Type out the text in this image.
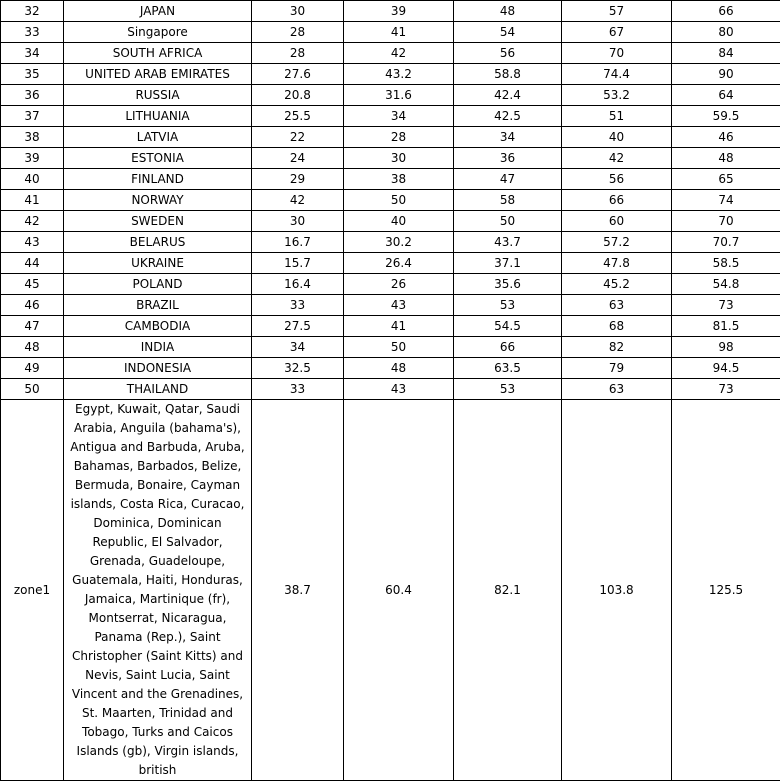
32	JAPAN	30	39	48	57	66
33	Singapore	28	41	54	67	80
34	SOUTH AFRICA	28	42	56	70	84
35	UNITED ARAB EMIRATES	27.6	43.2	58.8	74.4	90
36	RUSSIA	20.8	31.6	42.4	53.2	64
37	LITHUANIA	25.5	34	42.5	51	59.5
38	LATVIA	22	28	34	40	46
39	ESTONIA	24	30	36	42	48
40	FINLAND	29	38	47	56	65
41	NORWAY	42	50	58	66	74
42	SWEDEN	30	40	50	60	70
43	BELARUS	16.7	30.2	43.7	57.2	70.7
44	UKRAINE	15.7	26.4	37.1	47.8	58.5
45	POLAND	16.4	26	35.6	45.2	54.8
46	BRAZIL	33	43	53	63	73
47	CAMBODIA	27.5	41	54.5	68	81.5
48	INDIA	34	50	66	82	98
49	INDONESIA	32.5	48	63.5	79	94.5
50	THAILAND	33	43	53	63	73
zone1	Egypt, Kuwait, Qatar, Saudi Arabia, Anguila (bahama's), Antigua and Barbuda, Aruba, Bahamas, Barbados, Belize, Bermuda, Bonaire, Cayman islands, Costa Rica, Curacao, Dominica, Dominican Republic, El Salvador, Grenada, Guadeloupe, Guatemala, Haiti, Honduras, Jamaica, Martinique (fr), Montserrat, Nicaragua, Panama (Rep.), Saint Christopher (Saint Kitts) and Nevis, Saint Lucia, Saint Vincent and the Grenadines, St. Maarten, Trinidad and Tobago, Turks and Caicos Islands (gb), Virgin islands, british	38.7	60.4	82.1	103.8	125.5
